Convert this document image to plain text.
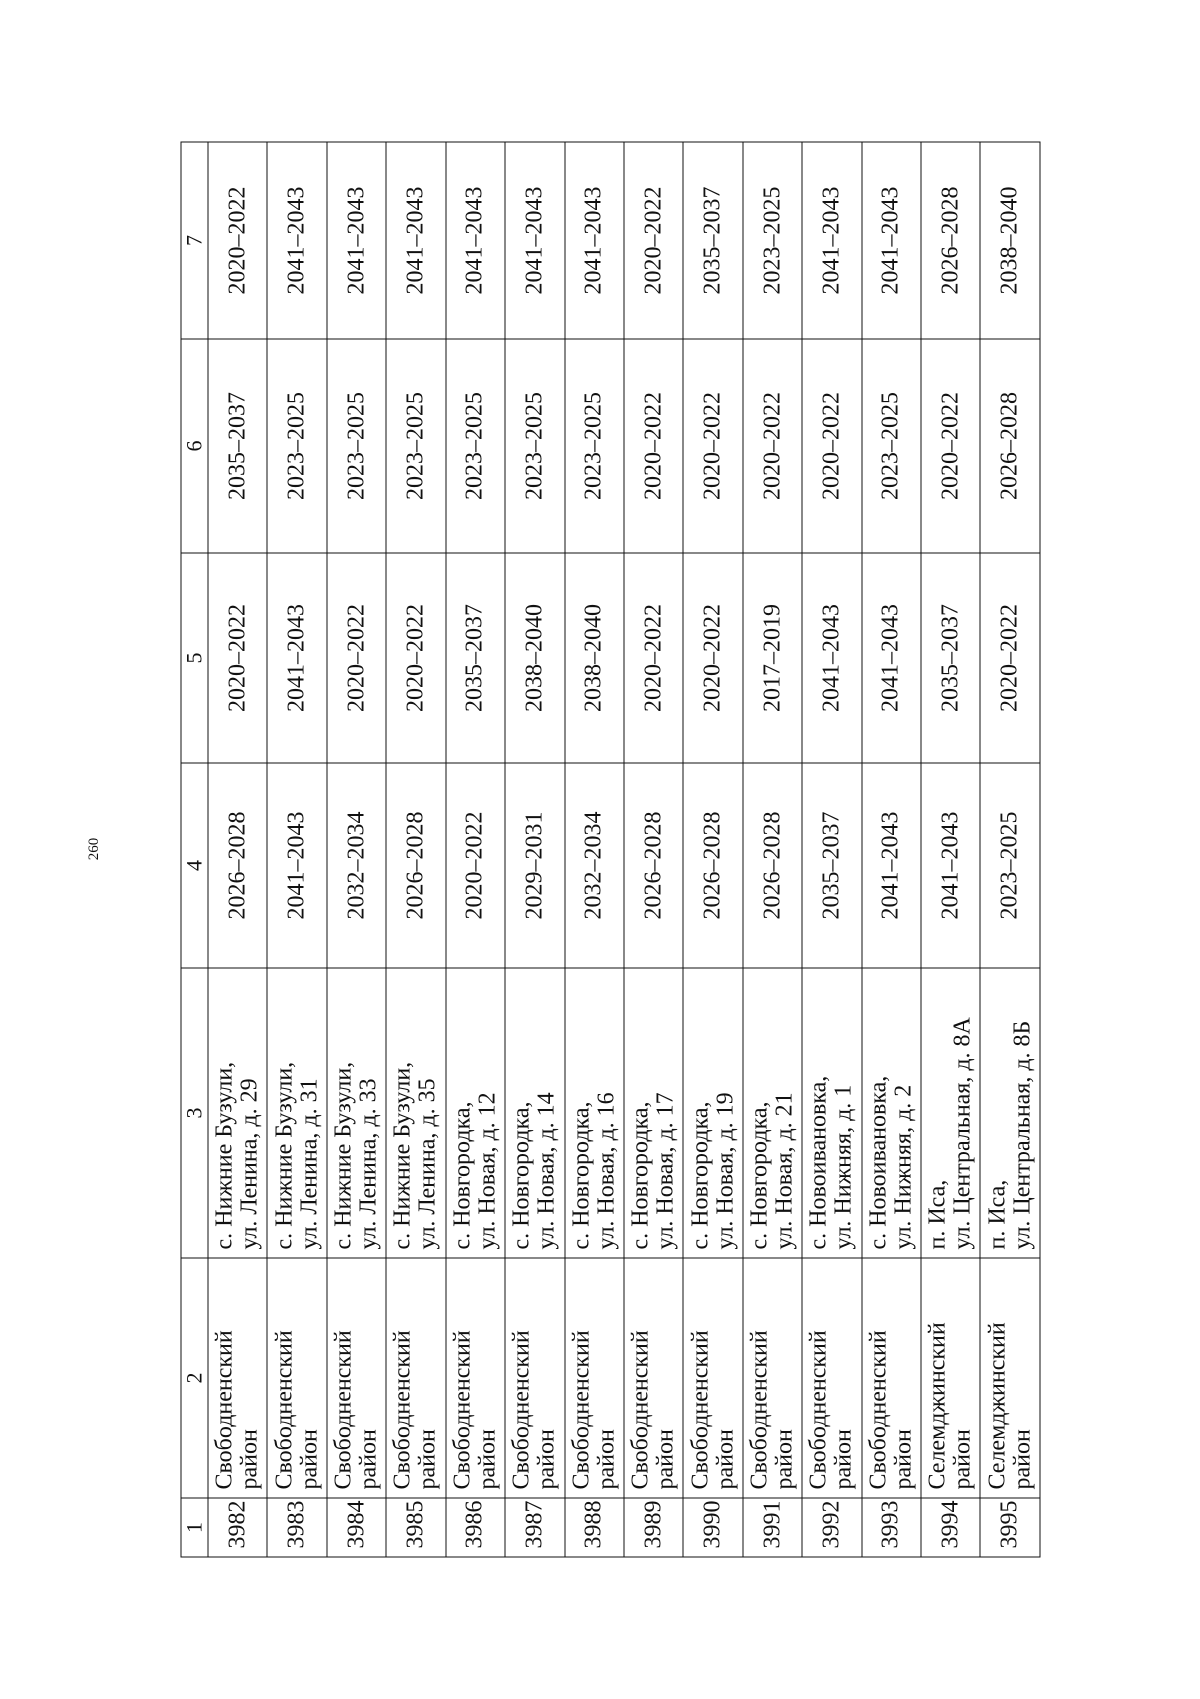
260
1	2	3	4	5	6	7
3982	Свободненский район	с. Нижние Бузули, ул. Ленина, д. 29	2026–2028	2020–2022	2035–2037	2020–2022
3983	Свободненский район	с. Нижние Бузули, ул. Ленина, д. 31	2041–2043	2041–2043	2023–2025	2041–2043
3984	Свободненский район	с. Нижние Бузули, ул. Ленина, д. 33	2032–2034	2020–2022	2023–2025	2041–2043
3985	Свободненский район	с. Нижние Бузули, ул. Ленина, д. 35	2026–2028	2020–2022	2023–2025	2041–2043
3986	Свободненский район	с. Новгородка, ул. Новая, д. 12	2020–2022	2035–2037	2023–2025	2041–2043
3987	Свободненский район	с. Новгородка, ул. Новая, д. 14	2029–2031	2038–2040	2023–2025	2041–2043
3988	Свободненский район	с. Новгородка, ул. Новая, д. 16	2032–2034	2038–2040	2023–2025	2041–2043
3989	Свободненский район	с. Новгородка, ул. Новая, д. 17	2026–2028	2020–2022	2020–2022	2020–2022
3990	Свободненский район	с. Новгородка, ул. Новая, д. 19	2026–2028	2020–2022	2020–2022	2035–2037
3991	Свободненский район	с. Новгородка, ул. Новая, д. 21	2026–2028	2017–2019	2020–2022	2023–2025
3992	Свободненский район	с. Новоивановка, ул. Нижняя, д. 1	2035–2037	2041–2043	2020–2022	2041–2043
3993	Свободненский район	с. Новоивановка, ул. Нижняя, д. 2	2041–2043	2041–2043	2023–2025	2041–2043
3994	Селемджинский район	п. Иса, ул. Центральная, д. 8А	2041–2043	2035–2037	2020–2022	2026–2028
3995	Селемджинский район	п. Иса, ул. Центральная, д. 8Б	2023–2025	2020–2022	2026–2028	2038–2040
